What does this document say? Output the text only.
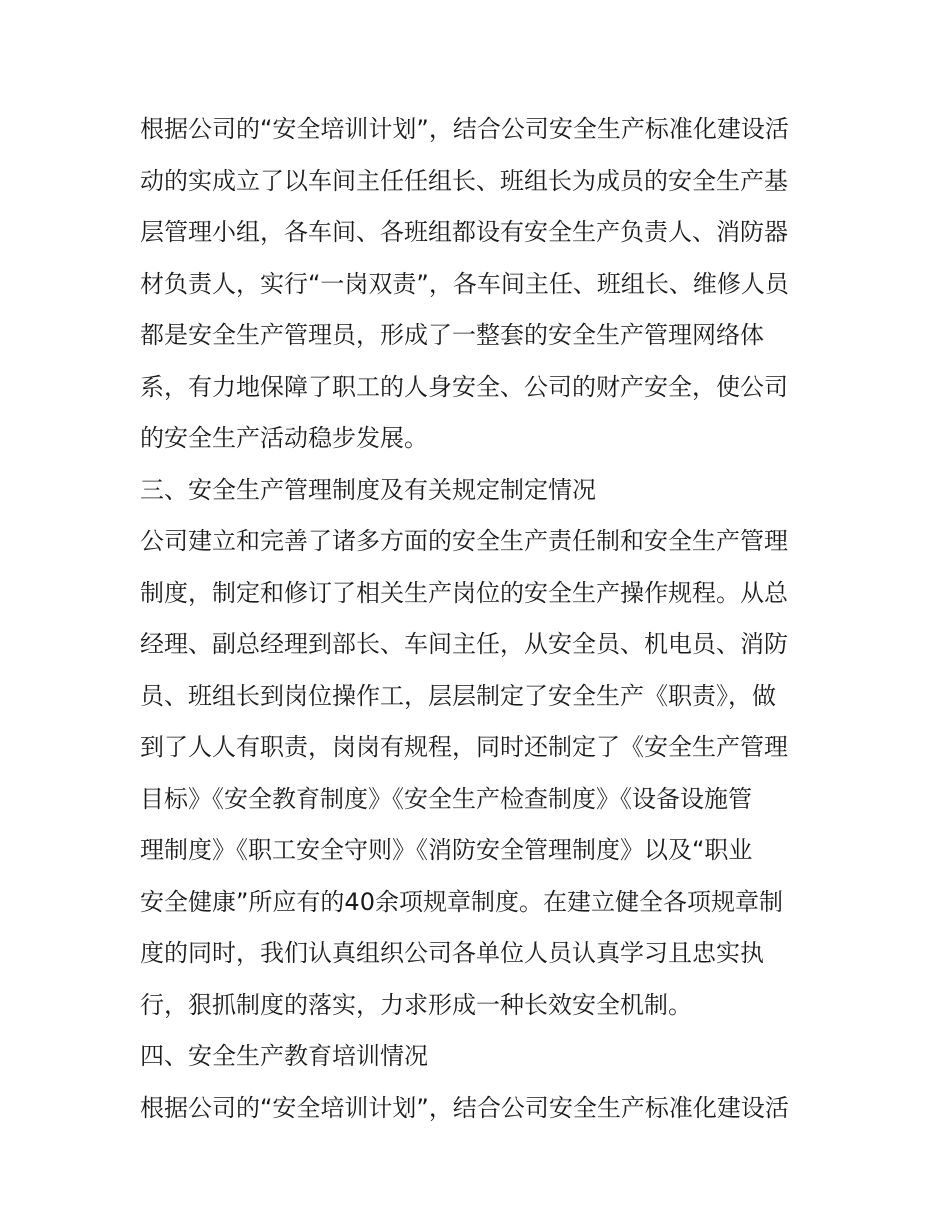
根据公司的“安全培训计划”，结合公司安全生产标准化建设活
动的实成立了以车间主任任组长、班组长为成员的安全生产基
层管理小组，各车间、各班组都设有安全生产负责人、消防器
材负责人，实行“一岗双责”，各车间主任、班组长、维修人员
都是安全生产管理员，形成了一整套的安全生产管理网络体
系，有力地保障了职工的人身安全、公司的财产安全，使公司
的安全生产活动稳步发展。
三、安全生产管理制度及有关规定制定情况
公司建立和完善了诸多方面的安全生产责任制和安全生产管理
制度，制定和修订了相关生产岗位的安全生产操作规程。从总
经理、副总经理到部长、车间主任，从安全员、机电员、消防
员、班组长到岗位操作工，层层制定了安全生产《职责》，做
到了人人有职责，岗岗有规程，同时还制定了《安全生产管理
目标》《安全教育制度》《安全生产检查制度》《设备设施管
理制度》《职工安全守则》《消防安全管理制度》以及“职业
安全健康”所应有的40余项规章制度。在建立健全各项规章制
度的同时，我们认真组织公司各单位人员认真学习且忠实执
行，狠抓制度的落实，力求形成一种长效安全机制。
四、安全生产教育培训情况
根据公司的“安全培训计划”，结合公司安全生产标准化建设活
